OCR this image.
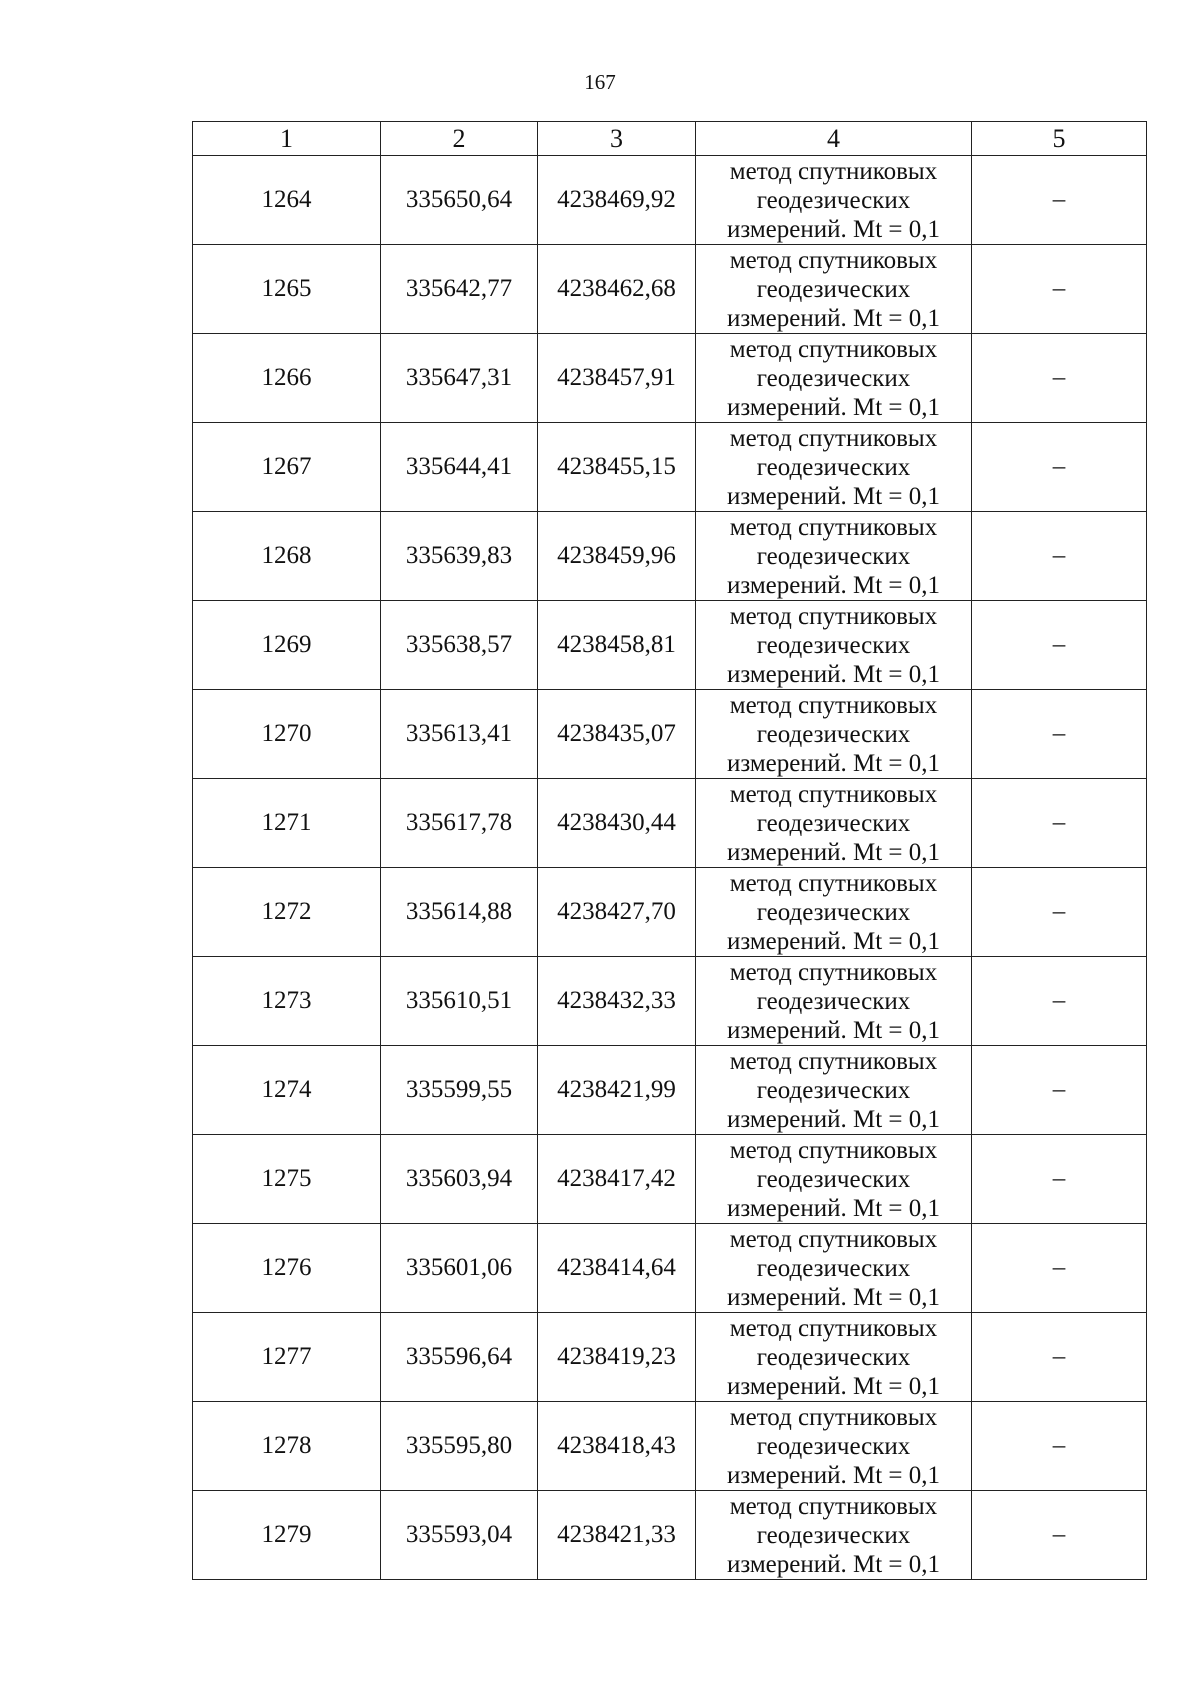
167
1	2	3	4	5
1264	335650,64	4238469,92	метод спутниковых
геодезических
измерений. Mt = 0,1	–
1265	335642,77	4238462,68	метод спутниковых
геодезических
измерений. Mt = 0,1	–
1266	335647,31	4238457,91	метод спутниковых
геодезических
измерений. Mt = 0,1	–
1267	335644,41	4238455,15	метод спутниковых
геодезических
измерений. Mt = 0,1	–
1268	335639,83	4238459,96	метод спутниковых
геодезических
измерений. Mt = 0,1	–
1269	335638,57	4238458,81	метод спутниковых
геодезических
измерений. Mt = 0,1	–
1270	335613,41	4238435,07	метод спутниковых
геодезических
измерений. Mt = 0,1	–
1271	335617,78	4238430,44	метод спутниковых
геодезических
измерений. Mt = 0,1	–
1272	335614,88	4238427,70	метод спутниковых
геодезических
измерений. Mt = 0,1	–
1273	335610,51	4238432,33	метод спутниковых
геодезических
измерений. Mt = 0,1	–
1274	335599,55	4238421,99	метод спутниковых
геодезических
измерений. Mt = 0,1	–
1275	335603,94	4238417,42	метод спутниковых
геодезических
измерений. Mt = 0,1	–
1276	335601,06	4238414,64	метод спутниковых
геодезических
измерений. Mt = 0,1	–
1277	335596,64	4238419,23	метод спутниковых
геодезических
измерений. Mt = 0,1	–
1278	335595,80	4238418,43	метод спутниковых
геодезических
измерений. Mt = 0,1	–
1279	335593,04	4238421,33	метод спутниковых
геодезических
измерений. Mt = 0,1	–
